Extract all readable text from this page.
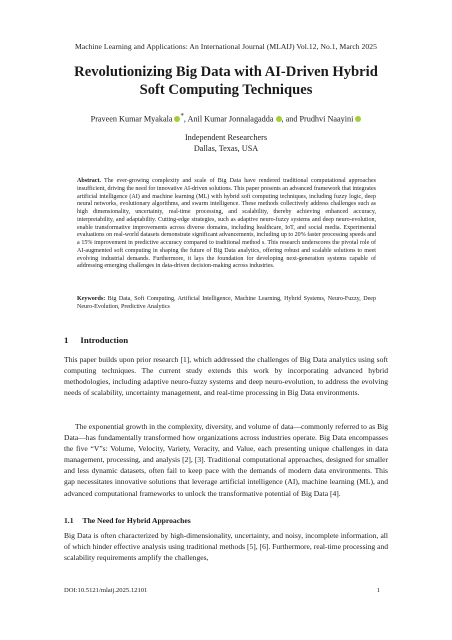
Machine Learning and Applications: An International Journal (MLAIJ) Vol.12, No.1, March 2025
Revolutionizing Big Data with AI-Driven Hybrid
Soft Computing Techniques
Praveen Kumar Myakala *, Anil Kumar Jonnalagadda , and Prudhvi Naayini
Independent Researchers
Dallas, Texas, USA

Abstract. The ever-growing complexity and scale of Big Data have rendered traditional computational approaches insufficient, driving the need for innovative AI-driven solutions. This paper presents an advanced framework that integrates artificial intelligence (AI) and machine learning (ML) with hybrid soft computing techniques, including fuzzy logic, deep neural networks, evolutionary algorithms, and swarm intelligence. These methods collectively address challenges such as high dimensionality, uncertainty, real-time processing, and scalability, thereby achieving enhanced accuracy, interpretability, and adaptability. Cutting-edge strategies, such as adaptive neuro-fuzzy systems and deep neuro-evolution, enable transformative improvements across diverse domains, including healthcare, IoT, and social media. Experimental evaluations on real-world datasets demonstrate significant advancements, including up to 20% faster processing speeds and a 15% improvement in predictive accuracy compared to traditional method s. This research underscores the pivotal role of AI-augmented soft computing in shaping the future of Big Data analytics, offering robust and scalable solutions to meet evolving industrial demands. Furthermore, it lays the foundation for developing next-generation systems capable of addressing emerging challenges in data-driven decision-making across industries.

Keywords: Big Data, Soft Computing, Artificial Intelligence, Machine Learning, Hybrid Systems, Neuro-Fuzzy, Deep Neuro-Evolution, Predictive Analytics

1 Introduction

This paper builds upon prior research [1], which addressed the challenges of Big Data analytics using soft computing techniques. The current study extends this work by incorporating advanced hybrid methodologies, including adaptive neuro-fuzzy systems and deep neuro-evolution, to address the evolving needs of scalability, uncertainty management, and real-time processing in Big Data environments.

The exponential growth in the complexity, diversity, and volume of data—commonly referred to as Big Data—has fundamentally transformed how organizations across industries operate. Big Data encompasses the five “V”s: Volume, Velocity, Variety, Veracity, and Value, each presenting unique challenges in data management, processing, and analysis [2], [3]. Traditional computational approaches, designed for smaller and less dynamic datasets, often fail to keep pace with the demands of modern data environments. This gap necessitates innovative solutions that leverage artificial intelligence (AI), machine learning (ML), and advanced computational frameworks to unlock the transformative potential of Big Data [4].

1.1 The Need for Hybrid Approaches

Big Data is often characterized by high-dimensionality, uncertainty, and noisy, incomplete information, all of which hinder effective analysis using traditional methods [5], [6]. Furthermore, real-time processing and scalability requirements amplify the challenges,

DOI:10.5121/mlaij.2025.12101	1
